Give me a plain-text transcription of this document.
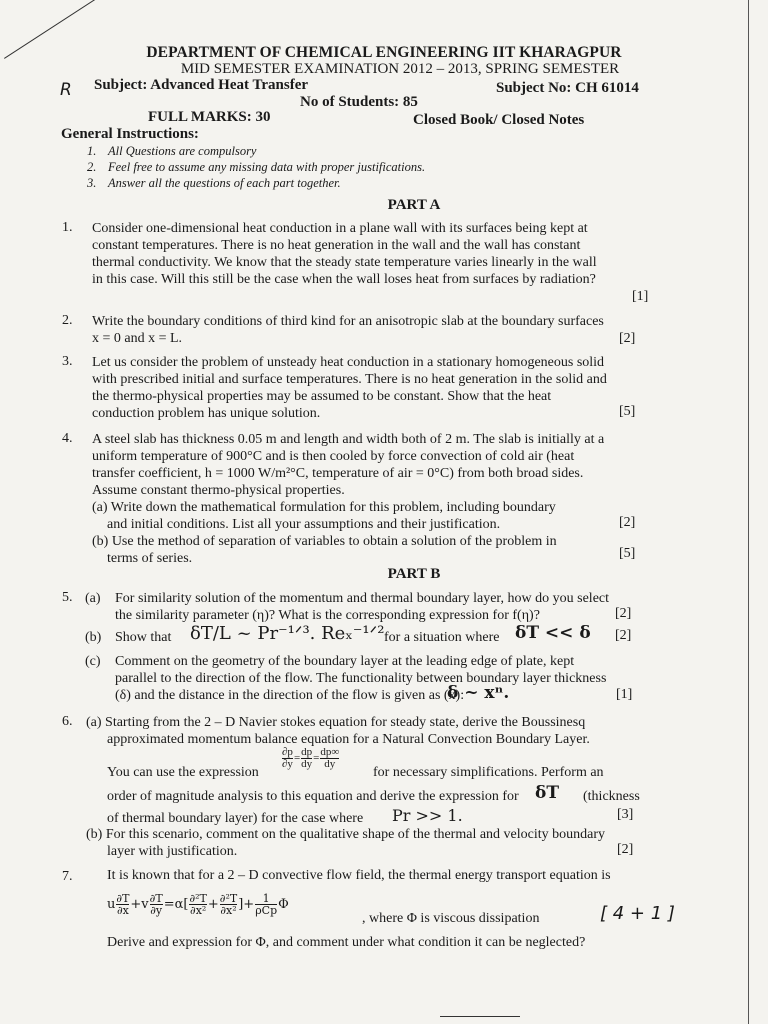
R
DEPARTMENT OF CHEMICAL ENGINEERING IIT KHARAGPUR
MID SEMESTER EXAMINATION 2012 – 2013, SPRING SEMESTER
Subject: Advanced Heat Transfer	Subject No: CH 61014
No of Students: 85
FULL MARKS: 30	Closed Book/ Closed Notes
General Instructions:
1. All Questions are compulsory
2. Feel free to assume any missing data with proper justifications.
3. Answer all the questions of each part together.
PART A
1. Consider one-dimensional heat conduction in a plane wall with its surfaces being kept at
constant temperatures. There is no heat generation in the wall and the wall has constant
thermal conductivity. We know that the steady state temperature varies linearly in the wall
in this case. Will this still be the case when the wall loses heat from surfaces by radiation?
[1]
2. Write the boundary conditions of third kind for an anisotropic slab at the boundary surfaces
x = 0 and x = L.	[2]
3. Let us consider the problem of unsteady heat conduction in a stationary homogeneous solid
with prescribed initial and surface temperatures. There is no heat generation in the solid and
the thermo-physical properties may be assumed to be constant. Show that the heat
conduction problem has unique solution.	[5]
4. A steel slab has thickness 0.05 m and length and width both of 2 m. The slab is initially at a
uniform temperature of 900°C and is then cooled by force convection of cold air (heat
transfer coefficient, h = 1000 W/m²°C, temperature of air = 0°C) from both broad sides.
Assume constant thermo-physical properties.
(a) Write down the mathematical formulation for this problem, including boundary
and initial conditions. List all your assumptions and their justification.	[2]
(b) Use the method of separation of variables to obtain a solution of the problem in
terms of series.	[5]
PART B
5. (a) For similarity solution of the momentum and thermal boundary layer, how do you select
the similarity parameter (η)? What is the corresponding expression for f(η)?	[2]
(b) Show that δT/L ~ Pr⁻¹ᐟ³. Reₓ⁻¹ᐟ² for a situation where δT << δ [2]
(c) Comment on the geometry of the boundary layer at the leading edge of plate, kept
parallel to the direction of the flow. The functionality between boundary layer thickness
(δ) and the distance in the direction of the flow is given as (x):
δ ~ xⁿ.	[1]
6. (a) Starting from the 2 – D Navier stokes equation for steady state, derive the Boussinesq
approximated momentum balance equation for a Natural Convection Boundary Layer.
You can use the expression
$\frac{\partial p}{\partial y} = \frac{dp}{dy} = \frac{dp\infty}{dy}$
for necessary simplifications. Perform an
order of magnitude analysis to this equation and derive the expression for δT (thickness
of thermal boundary layer) for the case where Pr >> 1.	[3]
(b) For this scenario, comment on the qualitative shape of the thermal and velocity boundary
layer with justification.	[2]
7. It is known that for a 2 – D convective flow field, the thermal energy transport equation is
u $\frac{\partial T}{\partial x} +v \frac{\partial T}{\partial y} =\alpha[ \frac{\text{∂²T}}{\text{∂x²}} + \frac{\text{∂²T}}{\text{∂x²}}$ ]+ $\frac{1}{\text{ρCp}}$ Φ
, where Φ is viscous dissipation	[ 4 + 1 ]
Derive and expression for Φ, and comment under what condition it can be neglected?
